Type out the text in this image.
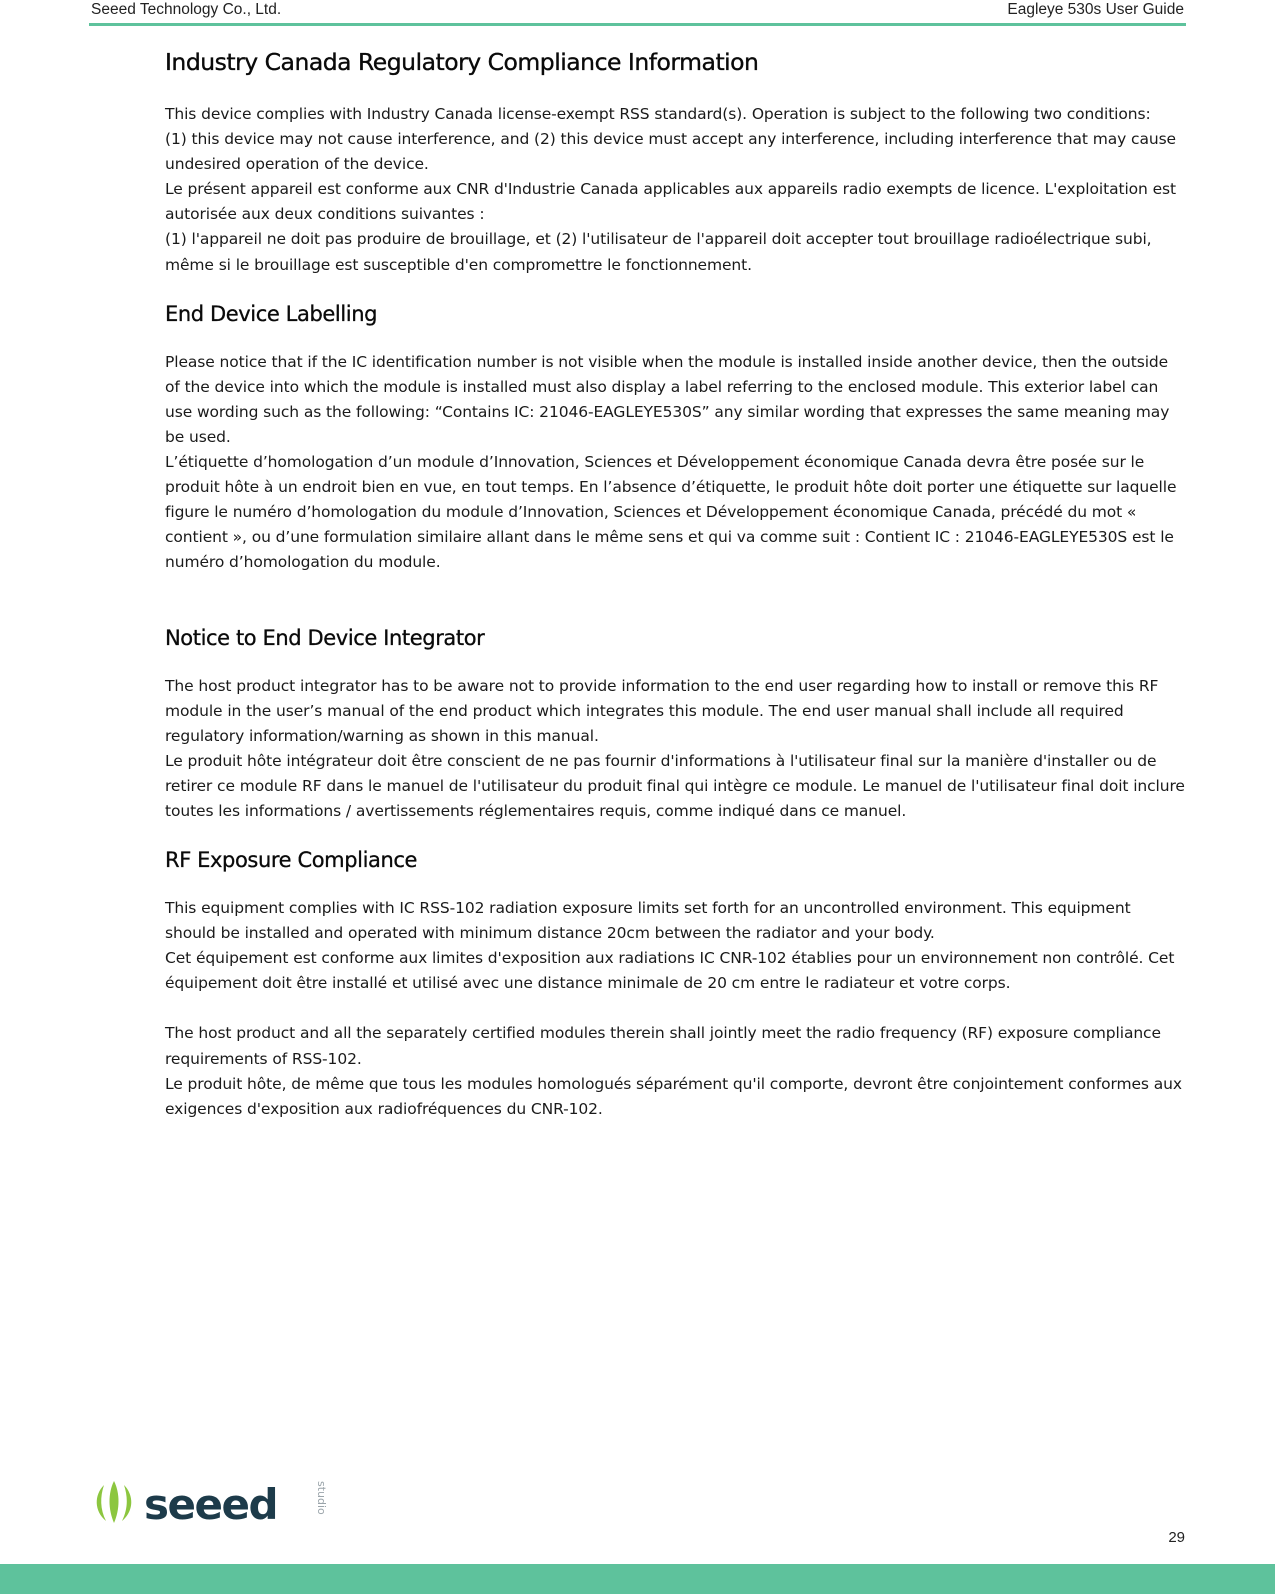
Seeed Technology Co., Ltd.	Eagleye 530s User Guide
Industry Canada Regulatory Compliance Information

This device complies with Industry Canada license-exempt RSS standard(s). Operation is subject to the following two conditions:

(1) this device may not cause interference, and (2) this device must accept any interference, including interference that may cause undesired operation of the device.

Le présent appareil est conforme aux CNR d'Industrie Canada applicables aux appareils radio exempts de licence. L'exploitation est autorisée aux deux conditions suivantes :

(1) l'appareil ne doit pas produire de brouillage, et (2) l'utilisateur de l'appareil doit accepter tout brouillage radioélectrique subi, même si le brouillage est susceptible d'en compromettre le fonctionnement.

End Device Labelling

Please notice that if the IC identification number is not visible when the module is installed inside another device, then the outside of the device into which the module is installed must also display a label referring to the enclosed module. This exterior label can use wording such as the following: “Contains IC: 21046-EAGLEYE530S” any similar wording that expresses the same meaning may be used.

L’étiquette d’homologation d’un module d’Innovation, Sciences et Développement économique Canada devra être posée sur le produit hôte à un endroit bien en vue, en tout temps. En l’absence d’étiquette, le produit hôte doit porter une étiquette sur laquelle figure le numéro d’homologation du module d’Innovation, Sciences et Développement économique Canada, précédé du mot « contient », ou d’une formulation similaire allant dans le même sens et qui va comme suit : Contient IC : 21046-EAGLEYE530S est le numéro d’homologation du module.

Notice to End Device Integrator

The host product integrator has to be aware not to provide information to the end user regarding how to install or remove this RF module in the user’s manual of the end product which integrates this module. The end user manual shall include all required regulatory information/warning as shown in this manual.

Le produit hôte intégrateur doit être conscient de ne pas fournir d'informations à l'utilisateur final sur la manière d'installer ou de retirer ce module RF dans le manuel de l'utilisateur du produit final qui intègre ce module. Le manuel de l'utilisateur final doit inclure toutes les informations / avertissements réglementaires requis, comme indiqué dans ce manuel.

RF Exposure Compliance

This equipment complies with IC RSS-102 radiation exposure limits set forth for an uncontrolled environment. This equipment should be installed and operated with minimum distance 20cm between the radiator and your body.

Cet équipement est conforme aux limites d'exposition aux radiations IC CNR-102 établies pour un environnement non contrôlé. Cet équipement doit être installé et utilisé avec une distance minimale de 20 cm entre le radiateur et votre corps.

The host product and all the separately certified modules therein shall jointly meet the radio frequency (RF) exposure compliance requirements of RSS-102.

Le produit hôte, de même que tous les modules homologués séparément qu'il comporte, devront être conjointement conformes aux exigences d'exposition aux radiofréquences du CNR-102.

seeed	studio
29
